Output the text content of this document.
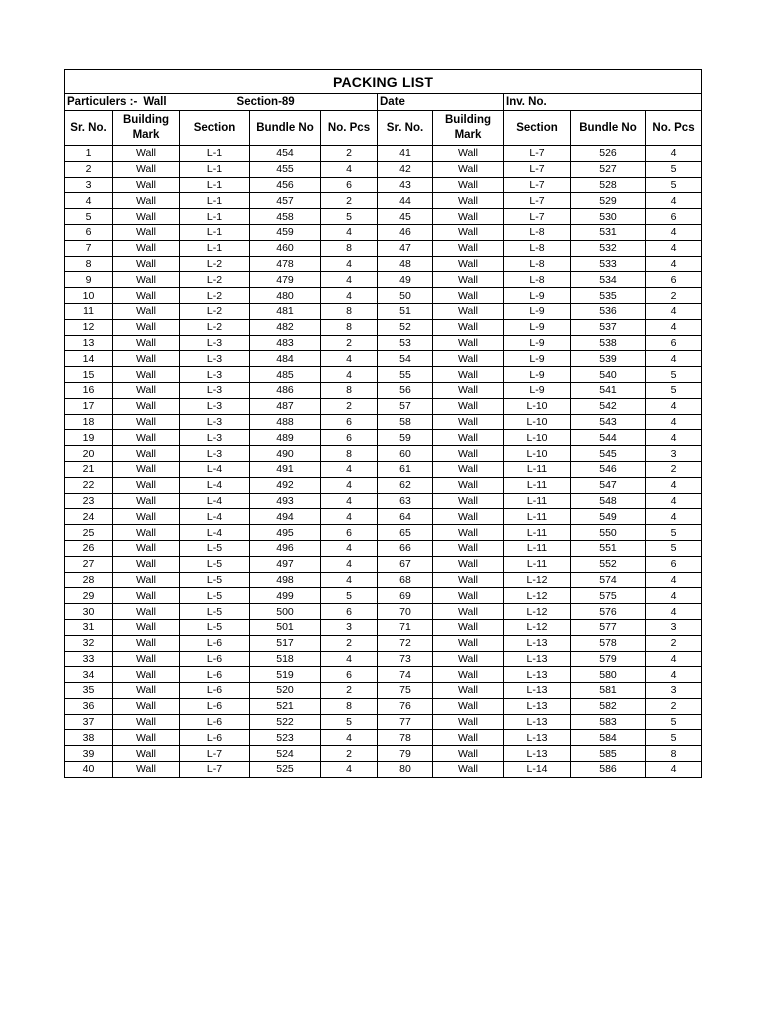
PACKING LIST									
Particulers :- Wall Section-89					Date		Inv. No.		
Sr. No.	Building Mark	Section	Bundle No	No. Pcs	Sr. No.	Building Mark	Section	Bundle No	No. Pcs
1	Wall	L-1	454	2	41	Wall	L-7	526	4
2	Wall	L-1	455	4	42	Wall	L-7	527	5
3	Wall	L-1	456	6	43	Wall	L-7	528	5
4	Wall	L-1	457	2	44	Wall	L-7	529	4
5	Wall	L-1	458	5	45	Wall	L-7	530	6
6	Wall	L-1	459	4	46	Wall	L-8	531	4
7	Wall	L-1	460	8	47	Wall	L-8	532	4
8	Wall	L-2	478	4	48	Wall	L-8	533	4
9	Wall	L-2	479	4	49	Wall	L-8	534	6
10	Wall	L-2	480	4	50	Wall	L-9	535	2
11	Wall	L-2	481	8	51	Wall	L-9	536	4
12	Wall	L-2	482	8	52	Wall	L-9	537	4
13	Wall	L-3	483	2	53	Wall	L-9	538	6
14	Wall	L-3	484	4	54	Wall	L-9	539	4
15	Wall	L-3	485	4	55	Wall	L-9	540	5
16	Wall	L-3	486	8	56	Wall	L-9	541	5
17	Wall	L-3	487	2	57	Wall	L-10	542	4
18	Wall	L-3	488	6	58	Wall	L-10	543	4
19	Wall	L-3	489	6	59	Wall	L-10	544	4
20	Wall	L-3	490	8	60	Wall	L-10	545	3
21	Wall	L-4	491	4	61	Wall	L-11	546	2
22	Wall	L-4	492	4	62	Wall	L-11	547	4
23	Wall	L-4	493	4	63	Wall	L-11	548	4
24	Wall	L-4	494	4	64	Wall	L-11	549	4
25	Wall	L-4	495	6	65	Wall	L-11	550	5
26	Wall	L-5	496	4	66	Wall	L-11	551	5
27	Wall	L-5	497	4	67	Wall	L-11	552	6
28	Wall	L-5	498	4	68	Wall	L-12	574	4
29	Wall	L-5	499	5	69	Wall	L-12	575	4
30	Wall	L-5	500	6	70	Wall	L-12	576	4
31	Wall	L-5	501	3	71	Wall	L-12	577	3
32	Wall	L-6	517	2	72	Wall	L-13	578	2
33	Wall	L-6	518	4	73	Wall	L-13	579	4
34	Wall	L-6	519	6	74	Wall	L-13	580	4
35	Wall	L-6	520	2	75	Wall	L-13	581	3
36	Wall	L-6	521	8	76	Wall	L-13	582	2
37	Wall	L-6	522	5	77	Wall	L-13	583	5
38	Wall	L-6	523	4	78	Wall	L-13	584	5
39	Wall	L-7	524	2	79	Wall	L-13	585	8
40	Wall	L-7	525	4	80	Wall	L-14	586	4
